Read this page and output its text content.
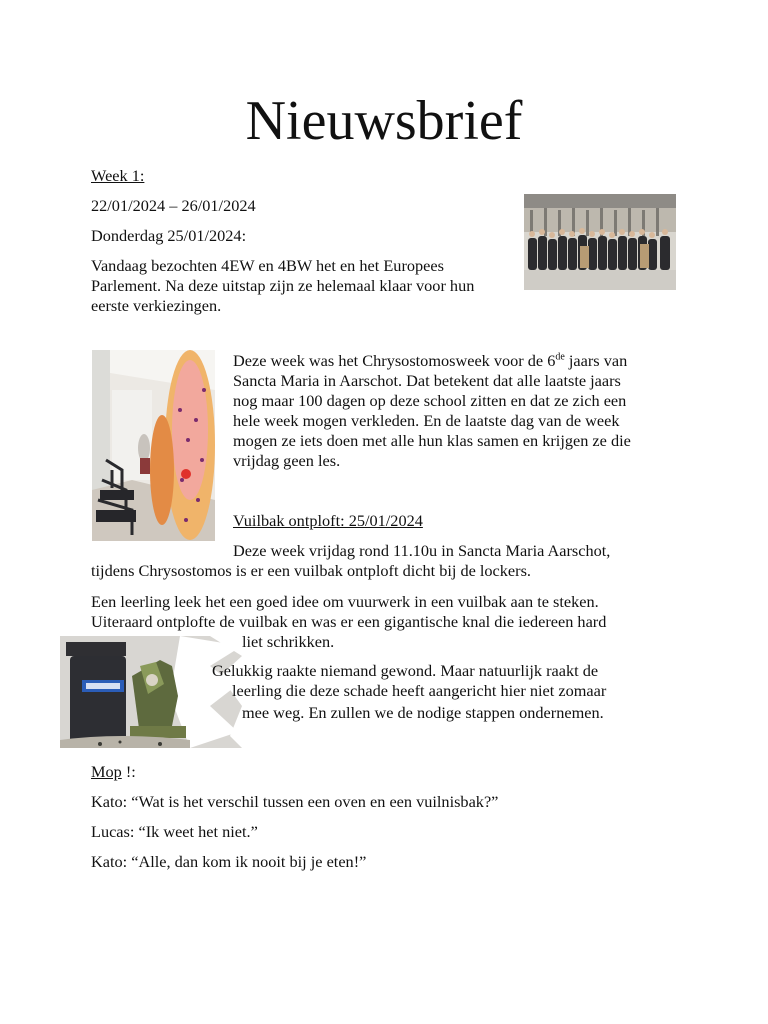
Nieuwsbrief
Week 1:
22/01/2024 – 26/01/2024
Donderdag 25/01/2024:
Vandaag bezochten 4EW en 4BW het en het Europees
Parlement. Na deze uitstap zijn ze helemaal klaar voor hun
eerste verkiezingen.
Deze week was het Chrysostomosweek voor de 6de jaars van
Sancta Maria in Aarschot. Dat betekent dat alle laatste jaars
nog maar 100 dagen op deze school zitten en dat ze zich een
hele week mogen verkleden. En de laatste dag van de week
mogen ze iets doen met alle hun klas samen en krijgen ze die
vrijdag geen les.
Vuilbak ontploft: 25/01/2024
Deze week vrijdag rond 11.10u in Sancta Maria Aarschot,
tijdens Chrysostomos is er een vuilbak ontploft dicht bij de lockers.
Een leerling leek het een goed idee om vuurwerk in een vuilbak aan te steken.
Uiteraard ontplofte de vuilbak en was er een gigantische knal die iedereen hard
liet schrikken.
Gelukkig raakte niemand gewond. Maar natuurlijk raakt de
leerling die deze schade heeft aangericht hier niet zomaar
mee weg. En zullen we de nodige stappen ondernemen.
Mop !:
Kato: “Wat is het verschil tussen een oven en een vuilnisbak?”
Lucas: “Ik weet het niet.”
Kato: “Alle, dan kom ik nooit bij je eten!”
